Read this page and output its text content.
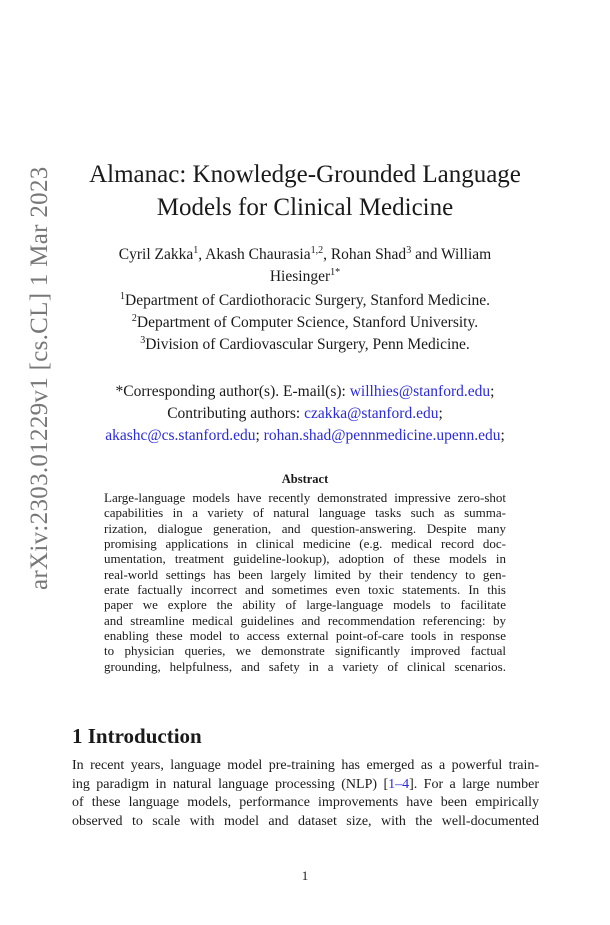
arXiv:2303.01229v1 [cs.CL] 1 Mar 2023	Almanac: Knowledge-Grounded Language
Models for Clinical Medicine
Cyril Zakka$^1$, Akash Chaurasia$^{1,2}$, Rohan Shad$^3$ and William
Hiesinger$^{1*}$
$^1$Department of Cardiothoracic Surgery, Stanford Medicine.
$^2$Department of Computer Science, Stanford University.
$^3$Division of Cardiovascular Surgery, Penn Medicine.
*Corresponding author(s). E-mail(s): willhies@stanford.edu;
Contributing authors: czakka@stanford.edu;
akashc@cs.stanford.edu; rohan.shad@pennmedicine.upenn.edu;
Abstract
Large-language models have recently demonstrated impressive zero-shot
capabilities in a variety of natural language tasks such as summa-
rization, dialogue generation, and question-answering. Despite many
promising applications in clinical medicine (e.g. medical record doc-
umentation, treatment guideline-lookup), adoption of these models in
real-world settings has been largely limited by their tendency to gen-
erate factually incorrect and sometimes even toxic statements. In this
paper we explore the ability of large-language models to facilitate
and streamline medical guidelines and recommendation referencing: by
enabling these model to access external point-of-care tools in response
to physician queries, we demonstrate significantly improved factual
grounding, helpfulness, and safety in a variety of clinical scenarios.
1 Introduction
In recent years, language model pre-training has emerged as a powerful train-
ing paradigm in natural language processing (NLP) [1–4]. For a large number
of these language models, performance improvements have been empirically
observed to scale with model and dataset size, with the well-documented
1
